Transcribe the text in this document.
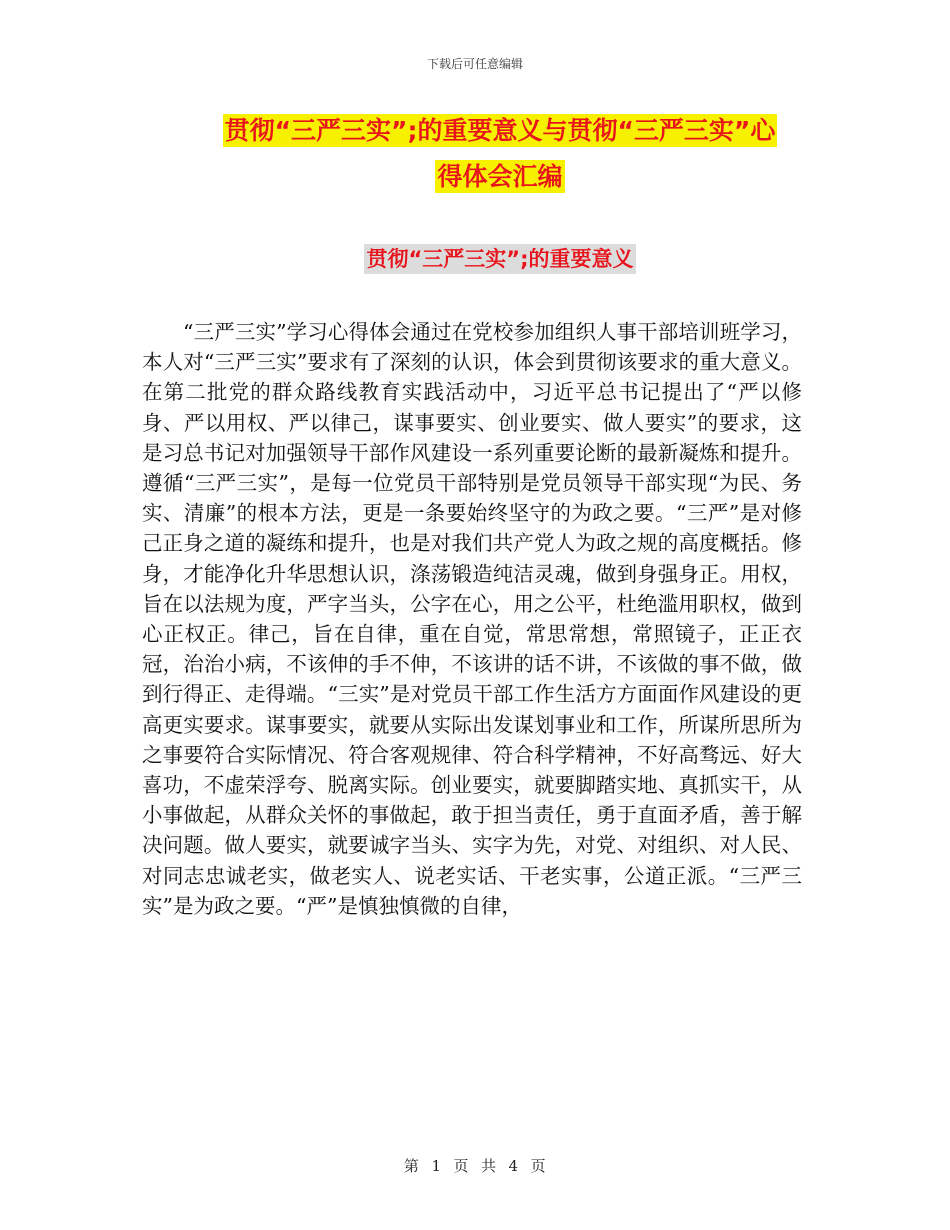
下载后可任意编辑
贯彻“三严三实”;的重要意义与贯彻“三严三实”心
得体会汇编
贯彻“三严三实”;的重要意义

“三严三实”学习心得体会通过在党校参加组织人事干部培训班学习，本人对“三严三实”要求有了深刻的认识，体会到贯彻该要求的重大意义。在第二批党的群众路线教育实践活动中，习近平总书记提出了“严以修身、严以用权、严以律己，谋事要实、创业要实、做人要实”的要求，这是习总书记对加强领导干部作风建设一系列重要论断的最新凝炼和提升。遵循“三严三实”，是每一位党员干部特别是党员领导干部实现“为民、务实、清廉”的根本方法，更是一条要始终坚守的为政之要。“三严”是对修己正身之道的凝练和提升，也是对我们共产党人为政之规的高度概括。修身，才能净化升华思想认识，涤荡锻造纯洁灵魂，做到身强身正。用权，旨在以法规为度，严字当头，公字在心，用之公平，杜绝滥用职权，做到心正权正。律己，旨在自律，重在自觉，常思常想，常照镜子，正正衣冠，治治小病，不该伸的手不伸，不该讲的话不讲，不该做的事不做，做到行得正、走得端。“三实”是对党员干部工作生活方方面面作风建设的更高更实要求。谋事要实，就要从实际出发谋划事业和工作，所谋所思所为之事要符合实际情况、符合客观规律、符合科学精神，不好高骛远、好大喜功，不虚荣浮夸、脱离实际。创业要实，就要脚踏实地、真抓实干，从小事做起，从群众关怀的事做起，敢于担当责任，勇于直面矛盾，善于解决问题。做人要实，就要诚字当头、实字为先，对党、对组织、对人民、对同志忠诚老实，做老实人、说老实话、干老实事，公道正派。“三严三实”是为政之要。“严”是慎独慎微的自律，

第 1 页 共 4 页
